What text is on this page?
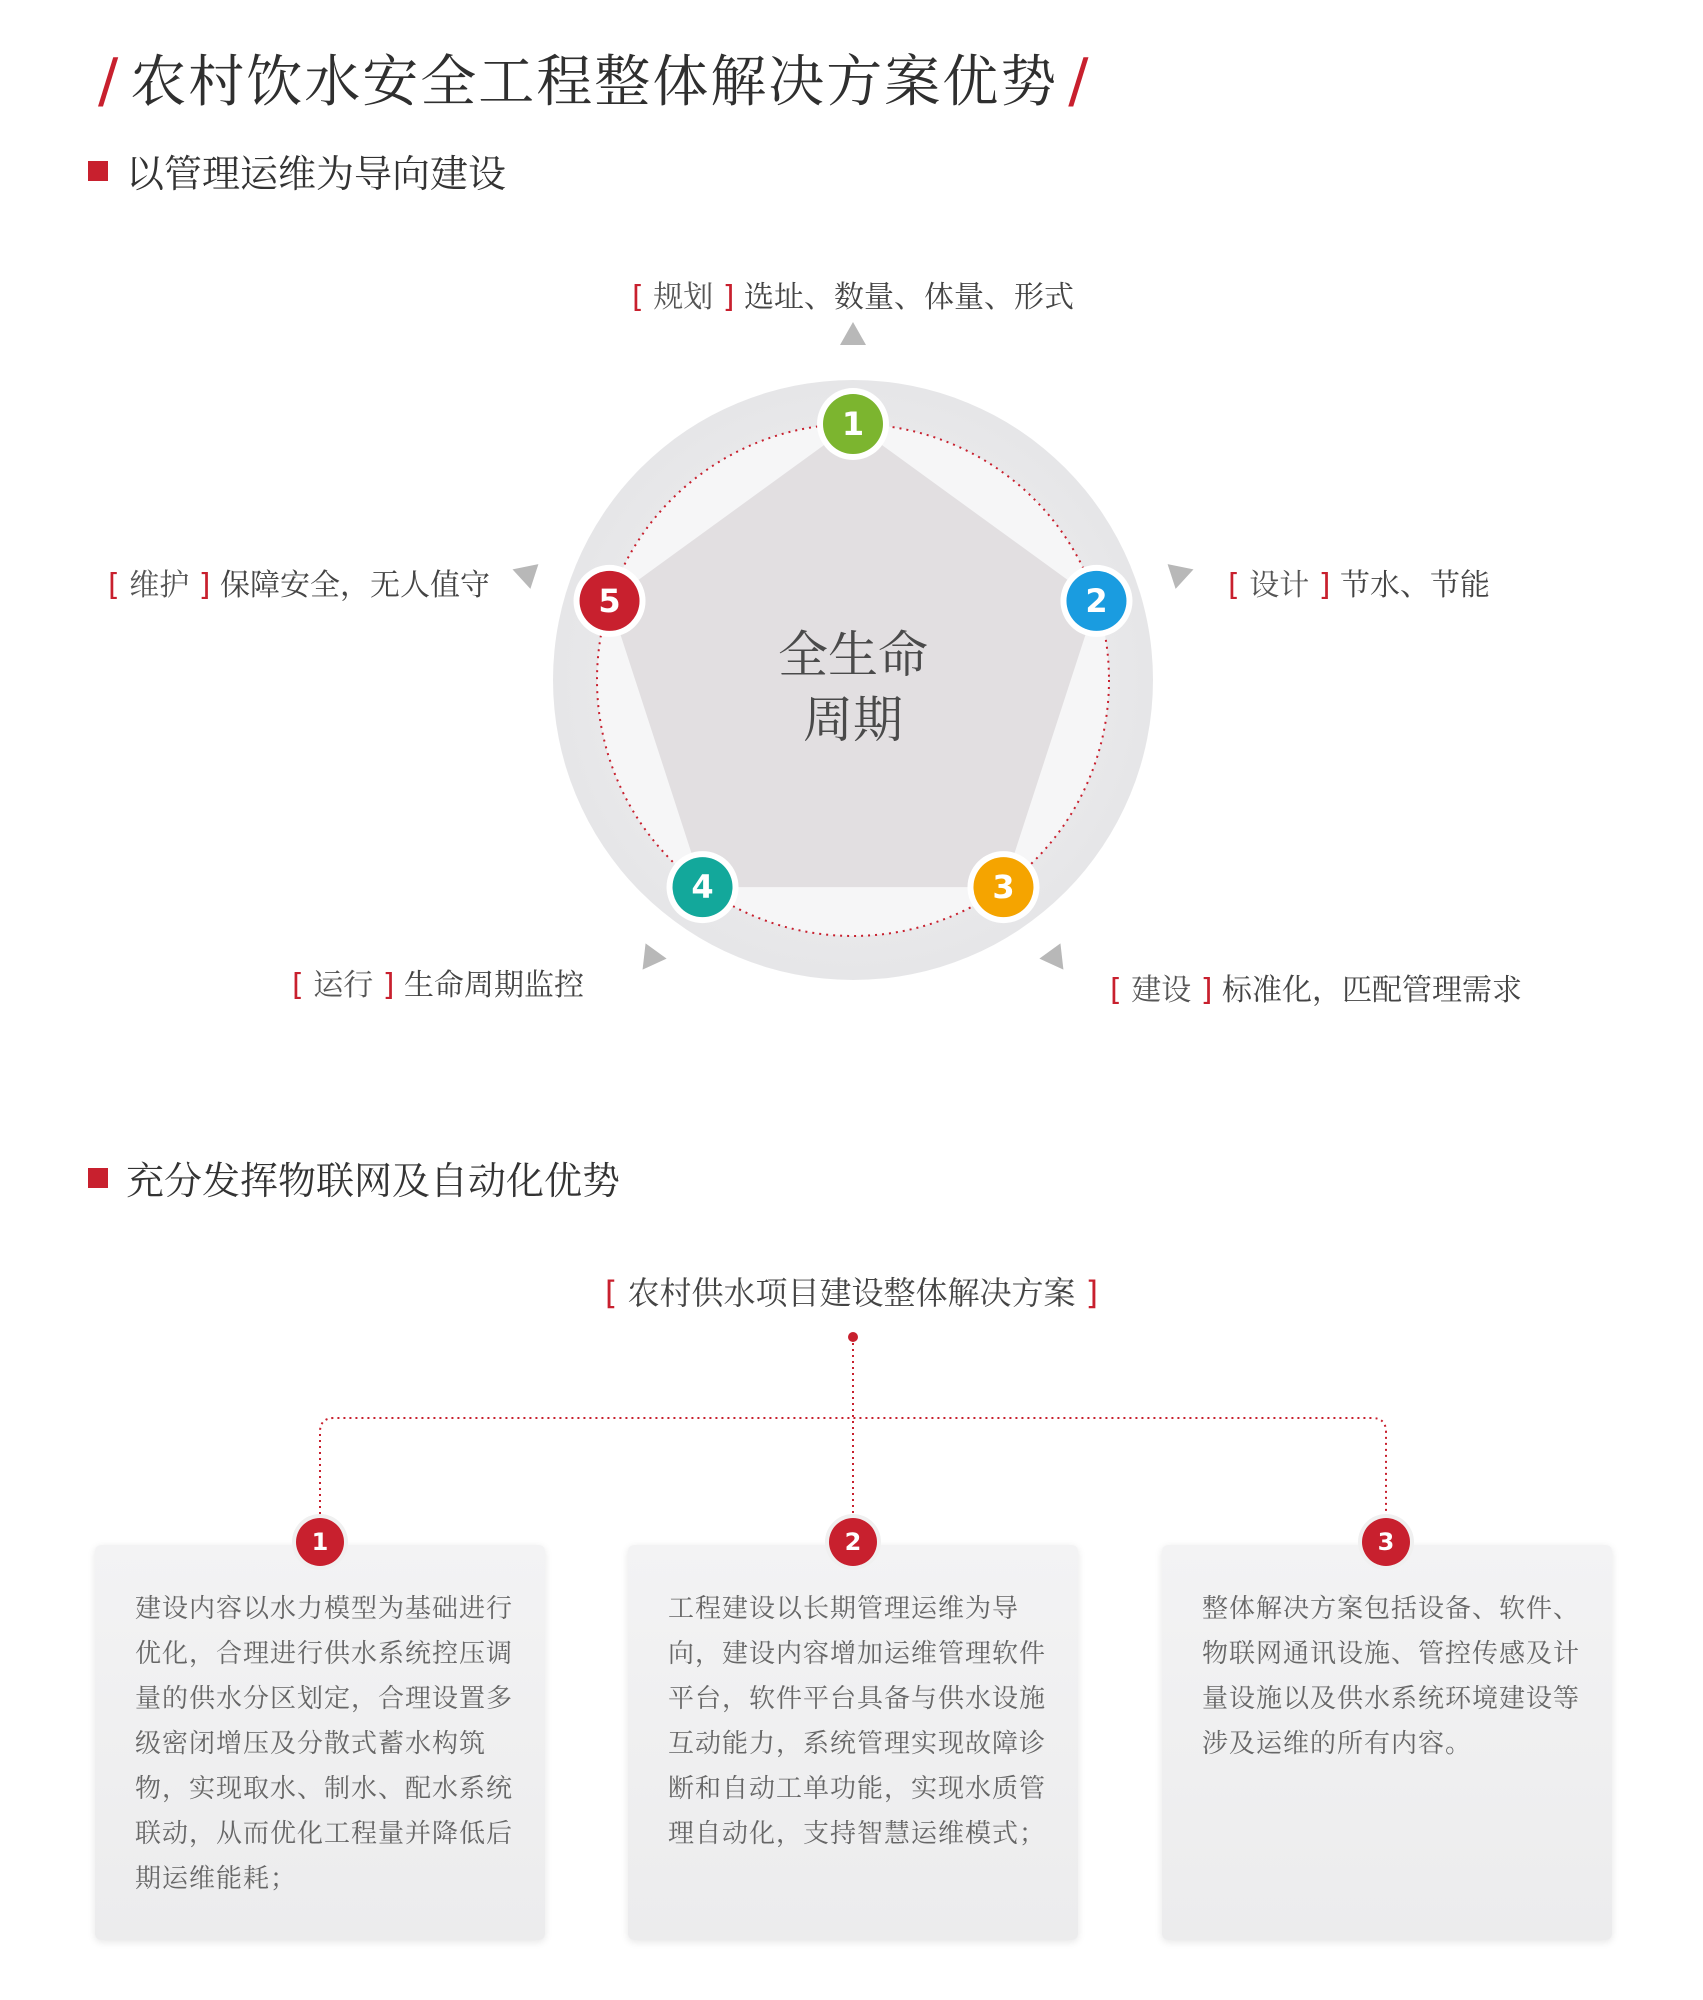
/ 农村饮水安全工程整体解决方案优势 /
以管理运维为导向建设
1
2
3
4
5
全生命
周期
[ 规划 ] 选址、数量、体量、形式
[ 设计 ] 节水、节能
[ 建设 ] 标准化，匹配管理需求
[ 运行 ] 生命周期监控
[ 维护 ] 保障安全，无人值守
充分发挥物联网及自动化优势
[ 农村供水项目建设整体解决方案 ]
建设内容以水力模型为基础进行优化，合理进行供水系统控压调量的供水分区划定，合理设置多级密闭增压及分散式蓄水构筑物，实现取水、制水、配水系统联动，从而优化工程量并降低后期运维能耗；
工程建设以长期管理运维为导向，建设内容增加运维管理软件平台，软件平台具备与供水设施互动能力，系统管理实现故障诊断和自动工单功能，实现水质管理自动化，支持智慧运维模式；
整体解决方案包括设备、软件、物联网通讯设施、管控传感及计量设施以及供水系统环境建设等涉及运维的所有内容。
1	2	3
